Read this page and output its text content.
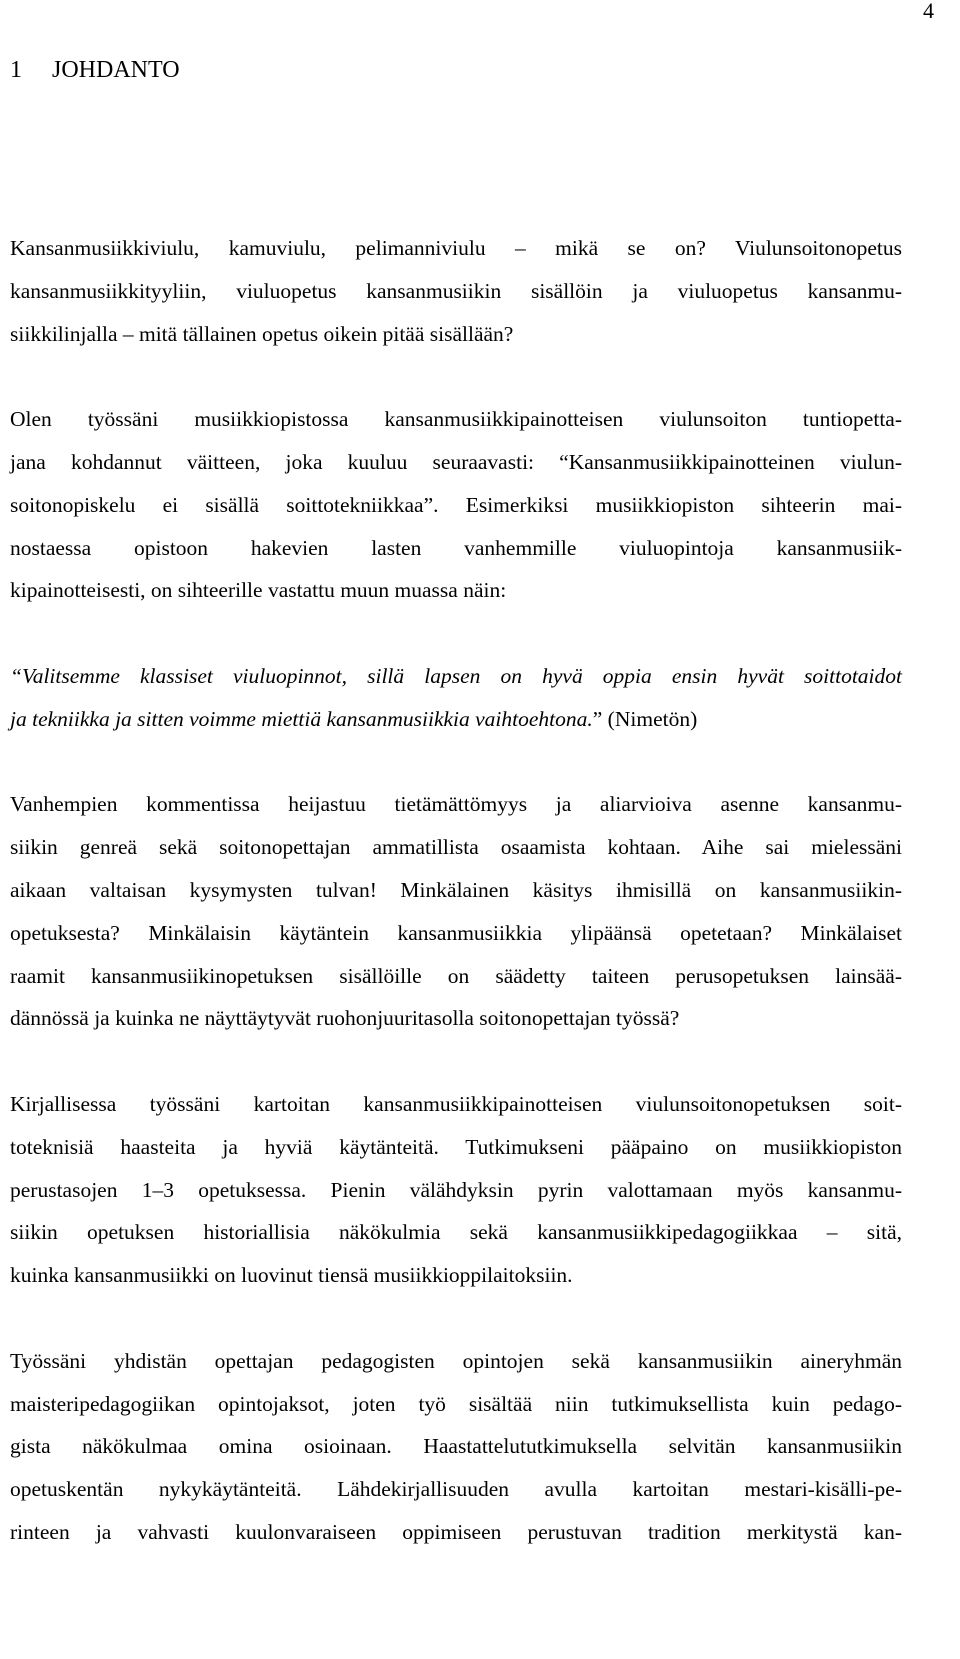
4
1 JOHDANTO

Kansanmusiikkiviulu, kamuviulu, pelimanniviulu – mikä se on? Viulunsoitonopetus
kansanmusiikkityyliin, viuluopetus kansanmusiikin sisällöin ja viuluopetus kansanmu-
siikkilinjalla – mitä tällainen opetus oikein pitää sisällään?

Olen työssäni musiikkiopistossa kansanmusiikkipainotteisen viulunsoiton tuntiopetta-
jana kohdannut väitteen, joka kuuluu seuraavasti: “Kansanmusiikkipainotteinen viulun-
soitonopiskelu ei sisällä soittotekniikkaa”. Esimerkiksi musiikkiopiston sihteerin mai-
nostaessa opistoon hakevien lasten vanhemmille viuluopintoja kansanmusiik-
kipainotteisesti, on sihteerille vastattu muun muassa näin:

“Valitsemme klassiset viuluopinnot, sillä lapsen on hyvä oppia ensin hyvät soittotaidot
ja tekniikka ja sitten voimme miettiä kansanmusiikkia vaihtoehtona.” (Nimetön)

Vanhempien kommentissa heijastuu tietämättömyys ja aliarvioiva asenne kansanmu-
siikin genreä sekä soitonopettajan ammatillista osaamista kohtaan. Aihe sai mielessäni
aikaan valtaisan kysymysten tulvan! Minkälainen käsitys ihmisillä on kansanmusiikin-
opetuksesta? Minkälaisin käytäntein kansanmusiikkia ylipäänsä opetetaan? Minkälaiset
raamit kansanmusiikinopetuksen sisällöille on säädetty taiteen perusopetuksen lainsää-
dännössä ja kuinka ne näyttäytyvät ruohonjuuritasolla soitonopettajan työssä?

Kirjallisessa työssäni kartoitan kansanmusiikkipainotteisen viulunsoitonopetuksen soit-
toteknisiä haasteita ja hyviä käytänteitä. Tutkimukseni pääpaino on musiikkiopiston
perustasojen 1–3 opetuksessa. Pienin välähdyksin pyrin valottamaan myös kansanmu-
siikin opetuksen historiallisia näkökulmia sekä kansanmusiikkipedagogiikkaa – sitä,
kuinka kansanmusiikki on luovinut tiensä musiikkioppilaitoksiin.

Työssäni yhdistän opettajan pedagogisten opintojen sekä kansanmusiikin aineryhmän
maisteripedagogiikan opintojaksot, joten työ sisältää niin tutkimuksellista kuin pedago-
gista näkökulmaa omina osioinaan. Haastattelututkimuksella selvitän kansanmusiikin
opetuskentän nykykäytänteitä. Lähdekirjallisuuden avulla kartoitan mestari-kisälli-pe-
rinteen ja vahvasti kuulonvaraiseen oppimiseen perustuvan tradition merkitystä kan-
